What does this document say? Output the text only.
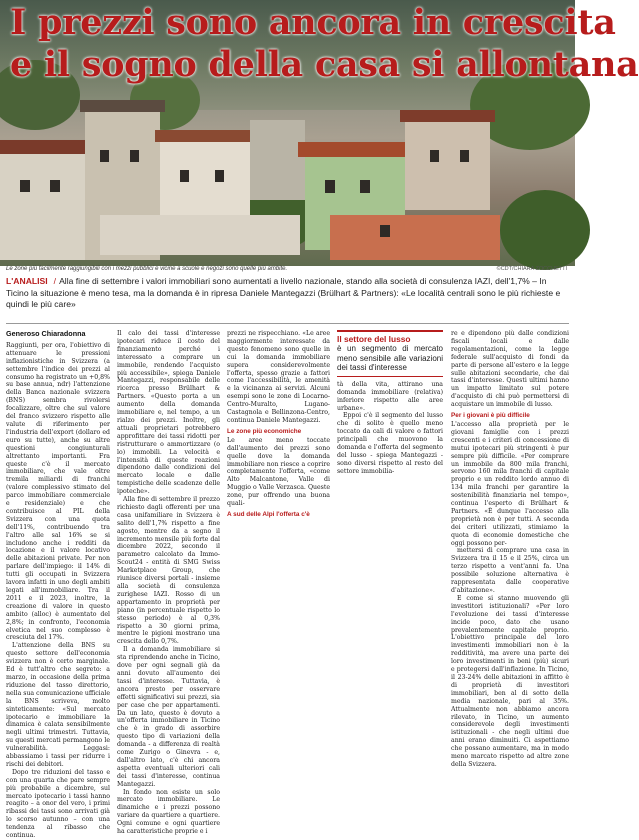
I prezzi sono ancora in crescita
e il sogno della casa si allontana
Le zone più facilmente raggiungibili con i mezzi pubblici e vicine a scuole e negozi sono quelle più ambite.	©CDT/CHIARA ZOCCHETTI
L'ANALISI / Alla fine di settembre i valori immobiliari sono aumentati a livello nazionale, stando alla società di consulenza IAZI, dell'1,7% – In Ticino la situazione è meno tesa, ma la domanda è in ripresa Daniele Mantegazzi (Brülhart & Partners): «Le località centrali sono le più richieste e quindi le più care»
Generoso Chiaradonna

Raggiunti, per ora, l'obiettivo di attenuare le pressioni inflazionistiche in Svizzera (a settembre l'indice dei prezzi al consumo ha registrato un +0,8% su base annua, ndr) l'attenzione della Banca nazionale svizzera (BNS) sembra rivolersi focalizzare, oltre che sul valore del franco svizzero rispetto alle valute di riferimento per l'industria dell'export (dollaro ed euro su tutte), anche su altre questioni congiunturali altrettanto importanti. Fra queste c'è il mercato immobiliare, che vale oltre tremila miliardi di franchi (valore complessivo stimato del parco immobiliare commerciale e residenziale) e che contribuisce al PIL della Svizzera con una quota dell'11%, contribuendo tra l'altro alle sal 16% se si includono anche i redditi da locazione e il valore locativo delle abitazioni private. Per non parlare dell'impiego: il 14% di tutti gli occupati in Svizzera lavora infatti in uno degli ambiti legati all'immobiliare. Tra il 2011 e il 2023, inoltre, la creazione di valore in questo ambito (alloc) è aumentato del 2,8%; in confronto, l'economia elvetica nel suo complesso è cresciuta del 17%.

L'attenzione della BNS su questo settore dell'economia svizzera non è certo marginale. Ed è tutt'altro che segreto: a marzo, in occasione della prima riduzione del tasso direttorio, nella sua comunicazione ufficiale la BNS scriveva, molto sinteticamente: «Sul mercato ipotecario e immobiliare la dinamica è calata sensibilmente negli ultimi trimestri. Tuttavia, su questi mercati permangono le vulnerabilità. Leggasi: abbassiamo i tassi per ridurre i rischi dei debitori.

Dopo tre riduzioni del tasso e con una quarta che pare sempre più probabile a dicembre, sul mercato ipotecario i tassi hanno reagito – a onor del vero, i primi ribassi dei tassi sono arrivati già lo scorso autunno – con una tendenza al ribasso che continua.

Il calo dei tassi d'interesse ipotecari riduce il costo del finanziamento perché i interessato a comprare un immobile, rendendo l'acquisto più accessibile», spiega Daniele Mantegazzi, responsabile delle ricerca presso Brülhart & Partners. «Questo porta a un aumento della domanda immobiliare e, nel tempo, a un rialzo dei prezzi. Inoltre, gli attuali proprietari potrebbero approfittare dei tassi ridotti per ristrutturare o ammortizzare (o lo) immobili. La velocità e l'intensità di queste reazioni dipendono dalle condizioni del mercato locale e dalle tempistiche delle scadenze delle ipoteche».

Alla fine di settembre il prezzo richiesto dagli offerenti per una casa unifamiliare in Svizzera è salito dell'1,7% rispetto a fine agosto, mentre da a segno il incremento mensile più forte dal dicembre 2022, secondo il parametro calcolato da Immo-Scout24 - entità di SMG Swiss Marketplace Group, che riunisce diversi portali - insieme alla società di consulenza zurighese IAZI. Rosso di un appartamento in proprietà per piano (in percentuale rispetto lo stesso periodo) è al 0,3% rispetto a 30 giorni prima, mentre le pigioni mostrano una crescita dello 0,7%.

Il a domanda immobiliare si sta riprendendo anche in Ticino, dove per ogni segnali già da anni dovuto all'aumento dei tassi d'interesse. Tuttavia, è ancora presto per osservare effetti significativi sui prezzi, sia per case che per appartamenti. Da un lato, questo è dovuto a un'offerta immobiliare in Ticino che è in grado di assorbire questo tipo di variazioni della domanda - a differenza di realtà come Zurigo o Ginevra - e, dall'altro lato, c'è chi ancora aspetta eventuali ulteriori cali dei tassi d'interesse, continua Mantegazzi.

In fondo non esiste un solo mercato immobiliare. Le dinamiche e i prezzi possono variare da quartiere a quartiere. Ogni comune e ogni quartiere ha caratteristiche proprie e i

prezzi ne rispecchiano. «Le aree maggiormente interessate da questo fenomeno sono quelle in cui la domanda immobiliare supera considerevolmente l'offerta, spesso grazie a fattori come l'accessibilità, le amenità e la vicinanza ai servizi. Alcuni esempi sono le zone di Locarno-Centro-Muralto, Lugano-Castagnola e Bellinzona-Centro, continua Daniele Mantegazzi.

Le zone più economiche

Le aree meno toccate dall'aumento dei prezzi sono quelle dove la domanda immobiliare non riesce a coprire completamente l'offerta, «come Alto Malcantone, Valle di Muggio o Valle Verzasca. Queste zone, pur offrendo una buona quali-

A sud delle Alpi l'offerta c'è
Il settore del lusso
è un segmento di mercato meno sensibile alle variazioni dei tassi d'interesse

tà della vita, attirano una domanda immobiliare (relativa) inferiore rispetto alle aree urbane».

Eppoi c'è il segmento del lusso che di solito è quello meno toccato da cali di valore o fattori principali che muovono la domanda e l'offerta del segmento del lusso - spiega Mantegazzi - sono diversi rispetto al resto del settore immobilia-

re e dipendono più dalle condizioni fiscali locali e dalle regolamentazioni, come la legge federale sull'acquisto di fondi da parte di persone all'estero e la legge sulle abitazioni secondarie, che dai tassi d'interesse. Questi ultimi hanno un impatto limitato sul potere d'acquisto di chi può permettersi di acquistare un immobile di lusso.

Per i giovani è più difficile

L'accesso alla proprietà per le giovani famiglie con i prezzi crescenti e i criteri di concessione di mutui ipotecari più stringenti è pur sempre più difficile. «Per comprare un immobile da 800 mila franchi, servono 160 mila franchi di capitale proprio e un reddito lordo annuo di 134 mila franchi per garantire la sostenibilità finanziaria nel tempo», continua l'esperto di Brülhart & Partners. «È dunque l'accesso alla proprietà non è per tutti. A seconda dei criteri utilizzati, stimiamo la quota di economie domestiche che oggi possono per-

mettersi di comprare una casa in Svizzera tra il 15 e il 25%, circa un terzo rispetto a vent'anni fa. Una possibile soluzione alternativa è rappresentata dalle cooperative d'abitazione».

E come si stanno muovendo gli investitori istituzionali? «Per loro l'evoluzione dei tassi d'interesse incide poco, dato che usano prevalentemente capitale proprio. L'obiettivo principale del loro investimenti immobiliari non è la redditività, ma avere una parte dei loro investimenti in beni (più) sicuri e protegersi dall'inflazione. In Ticino, il 23-24% delle abitazioni in affitto è di proprietà di investitori immobiliari, ben al di sotto della media nazionale, pari al 35%. Attualmente non abbiamo ancora rilevato, in Ticino, un aumento considerevole degli investimenti istituzionali - che negli ultimi due anni erano diminuiti. Ci aspettiamo che possano aumentare, ma in modo meno marcato rispetto ad altre zone della Svizzera.
